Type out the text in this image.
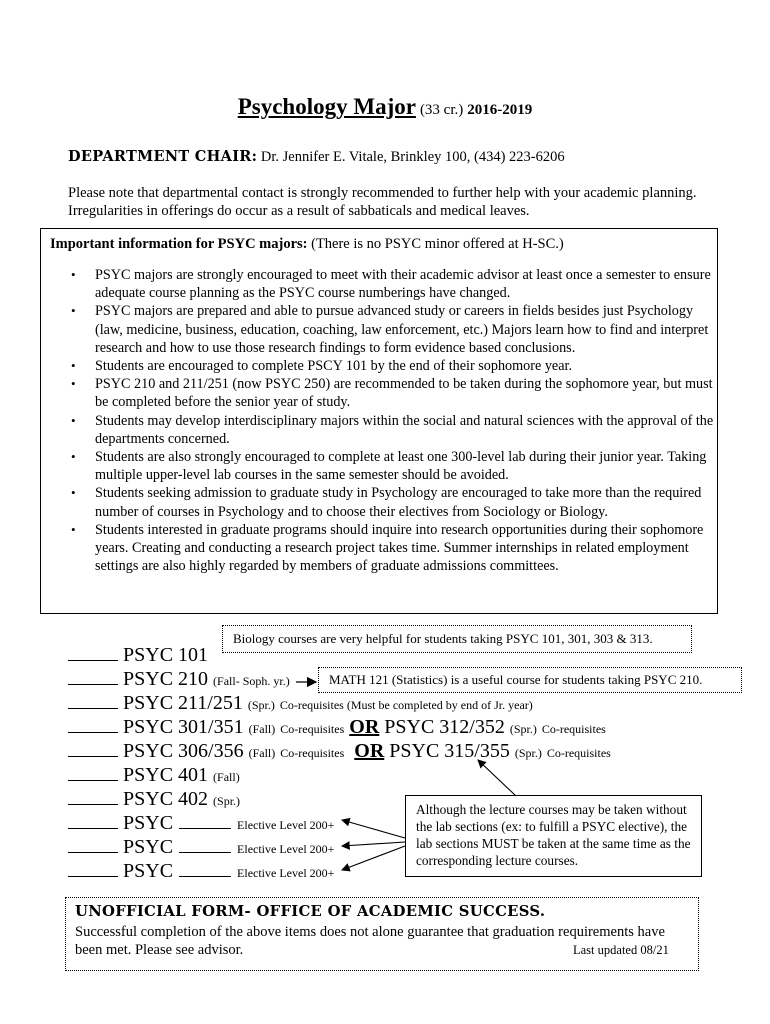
Psychology Major (33 cr.) 2016-2019
DEPARTMENT CHAIR: Dr. Jennifer E. Vitale, Brinkley 100, (434) 223-6206
Please note that departmental contact is strongly recommended to further help with your academic planning. Irregularities in offerings do occur as a result of sabbaticals and medical leaves.
Important information for PSYC majors: (There is no PSYC minor offered at H-SC.)
• PSYC majors are strongly encouraged to meet with their academic advisor at least once a semester to ensure adequate course planning as the PSYC course numberings have changed.
• PSYC majors are prepared and able to pursue advanced study or careers in fields besides just Psychology (law, medicine, business, education, coaching, law enforcement, etc.) Majors learn how to find and interpret research and how to use those research findings to form evidence based conclusions.
• Students are encouraged to complete PSCY 101 by the end of their sophomore year.
• PSYC 210 and 211/251 (now PSYC 250) are recommended to be taken during the sophomore year, but must be completed before the senior year of study.
• Students may develop interdisciplinary majors within the social and natural sciences with the approval of the departments concerned.
• Students are also strongly encouraged to complete at least one 300-level lab during their junior year. Taking multiple upper-level lab courses in the same semester should be avoided.
• Students seeking admission to graduate study in Psychology are encouraged to take more than the required number of courses in Psychology and to choose their electives from Sociology or Biology.
• Students interested in graduate programs should inquire into research opportunities during their sophomore years. Creating and conducting a research project takes time. Summer internships in related employment settings are also highly regarded by members of graduate admissions committees.
Biology courses are very helpful for students taking PSYC 101, 301, 303 & 313.
MATH 121 (Statistics) is a useful course for students taking PSYC 210.
PSYC 101
PSYC 210 (Fall- Soph. yr.)
PSYC 211/251 (Spr.) Co-requisites (Must be completed by end of Jr. year)
PSYC 301/351 (Fall) Co-requisites OR PSYC 312/352 (Spr.) Co-requisites
PSYC 306/356 (Fall) Co-requisites OR PSYC 315/355 (Spr.) Co-requisites
PSYC 401 (Fall)
PSYC 402 (Spr.)
PSYC	Elective Level 200+
PSYC	Elective Level 200+
PSYC	Elective Level 200+
Although the lecture courses may be taken without the lab sections (ex: to fulfill a PSYC elective), the lab sections MUST be taken at the same time as the corresponding lecture courses.
UNOFFICIAL FORM- OFFICE OF ACADEMIC SUCCESS.
Successful completion of the above items does not alone guarantee that graduation requirements have been met. Please see advisor.	Last updated 08/21
